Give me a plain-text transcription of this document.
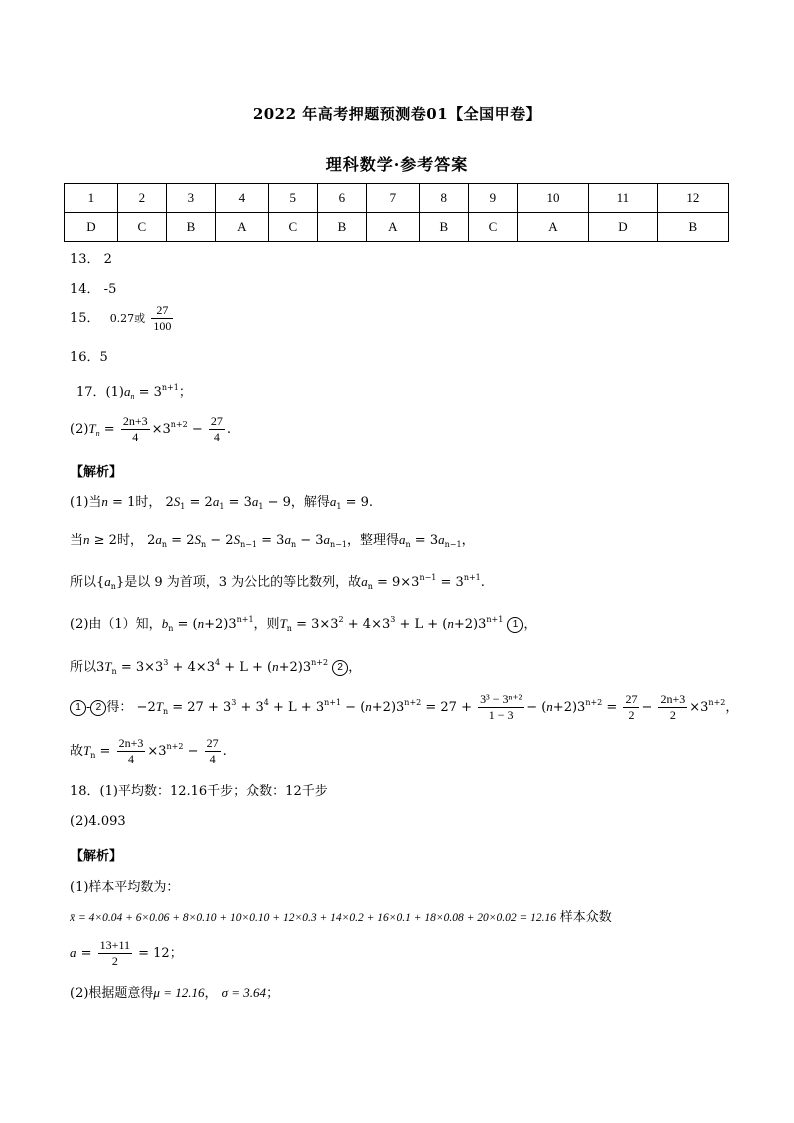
2022 年高考押题预测卷01【全国甲卷】
理科数学·参考答案
1	2	3	4	5	6	7	8	9	10	11	12
D	C	B	A	C	B	A	B	C	A	D	B
13． 2
14． -5
15． 0.27或 $\frac{27}{100}$
16．5
17．$(1)a_n = 3^{n+1}$；
$(2)T_n = \frac{2n+3}{4} \times 3^{n+2} - \frac{27}{4}$ .
【解析】
(1)当n = 1时， $2S_1 = 2a_1 = 3a_1 - 9$，解得$a_1 = 9$.
当n ≥ 2时， $2a_n = 2S_n - 2S_{n-1} = 3a_n - 3a_{n-1}$，整理得$a_n = 3a_{n-1}$，
所以$\{a_n\}$是以 9 为首项，3 为公比的等比数列，故$a_n = 9\times 3^{n-1} = 3^{n+1}$.
(2)由（1）知，$b_n = (n+2)3^{n+1}$，则$T_n = 3\times 3^2 + 4\times 3^3 + L + (n+2)3^{n+1}$ 1 ，
所以$3T_n = 3\times 3^3 + 4\times 3^4 + L + (n+2)3^{n+2}$ 2 ，
1 - 2 得： $-2T_n = 27 + 3^3 + 3^4 + L + 3^{n+1} - (n+2)3^{n+2} = 27 + \frac{\text{3³ − 3ⁿ⁺²}}{1 - 3} - (n+2)3^{n+2} = \frac{27}{2} - \frac{2n+3}{2} \times 3^{n+2}$，
故$T_n = \frac{2n+3}{4} \times 3^{n+2} - \frac{27}{4}$ .
18．(1)平均数：12.16千步；众数：12千步
(2)4.093
【解析】
(1)样本平均数为：
x̄ = 4×0.04 + 6×0.06 + 8×0.10 + 10×0.10 + 12×0.3 + 14×0.2 + 16×0.1 + 18×0.08 + 20×0.02 = 12.16 样本众数
$a = \frac{13+11}{2} = 12$；
(2)根据题意得μ = 12.16， σ = 3.64；
